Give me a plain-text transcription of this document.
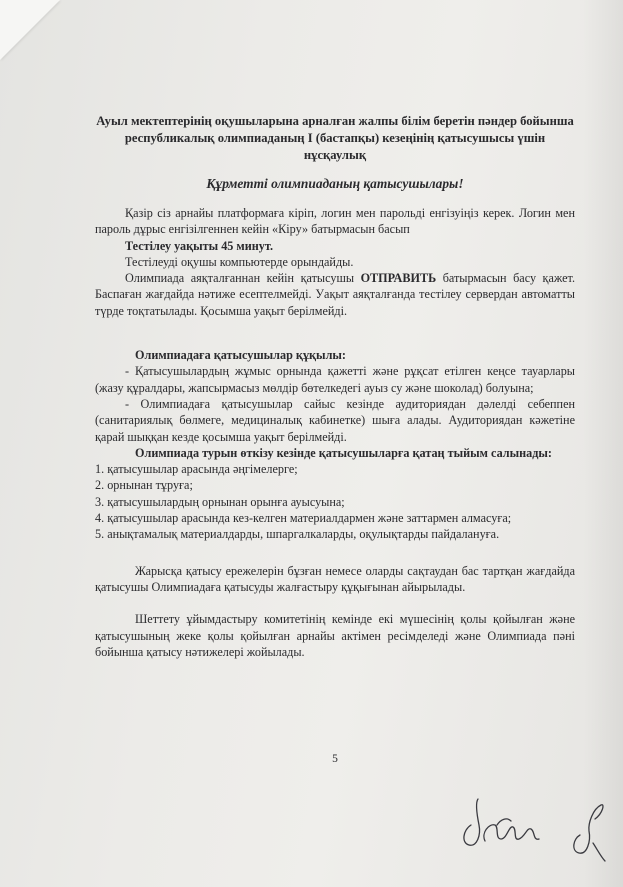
Ауыл мектептерінің оқушыларына арналған жалпы білім беретін пәндер бойынша республикалық олимпиаданың I (бастапқы) кезеңінің қатысушысы үшін нұсқаулық

Құрметті олимпиаданың қатысушылары!

Қазір сіз арнайы платформаға кіріп, логин мен парольді енгізуіңіз керек. Логин мен пароль дұрыс енгізілгеннен кейін «Кіру» батырмасын басып

Тестілеу уақыты 45 минут.

Тестілеуді оқушы компьютерде орындайды.

Олимпиада аяқталғаннан кейін қатысушы ОТПРАВИТЬ батырмасын басу қажет. Баспаған жағдайда нәтиже есептелмейді. Уақыт аяқталғанда тестілеу сервердан автоматты түрде тоқтатылады. Қосымша уақыт берілмейді.

Олимпиадаға қатысушылар құқылы:

- Қатысушылардың жұмыс орнында қажетті және рұқсат етілген кеңсе тауарлары (жазу құралдары, жапсырмасыз мөлдір бөтелкедегі ауыз су және шоколад) болуына;

- Олимпиадаға қатысушылар сайыс кезінде аудиториядан дәлелді себеппен (санитариялық бөлмеге, медициналық кабинетке) шыға алады. Аудиториядан кәжетіне қарай шыққан кезде қосымша уақыт берілмейді.

Олимпиада турын өткізу кезінде қатысушыларға қатаң тыйым салынады:

1. қатысушылар арасында әңгімелерге;

2. орнынан тұруға;

3. қатысушылардың орнынан орынға ауысуына;

4. қатысушылар арасында кез-келген материалдармен және заттармен алмасуға;

5. анықтамалық материалдарды, шпаргалкаларды, оқулықтарды пайдалануға.

Жарысқа қатысу ережелерін бұзған немесе оларды сақтаудан бас тартқан жағдайда қатысушы Олимпиадаға қатысуды жалғастыру құқығынан айырылады.

Шеттету ұйымдастыру комитетінің кемінде екі мүшесінің қолы қойылған және қатысушының жеке қолы қойылған арнайы актімен ресімделеді және Олимпиада пәні бойынша қатысу нәтижелері жойылады.

5
